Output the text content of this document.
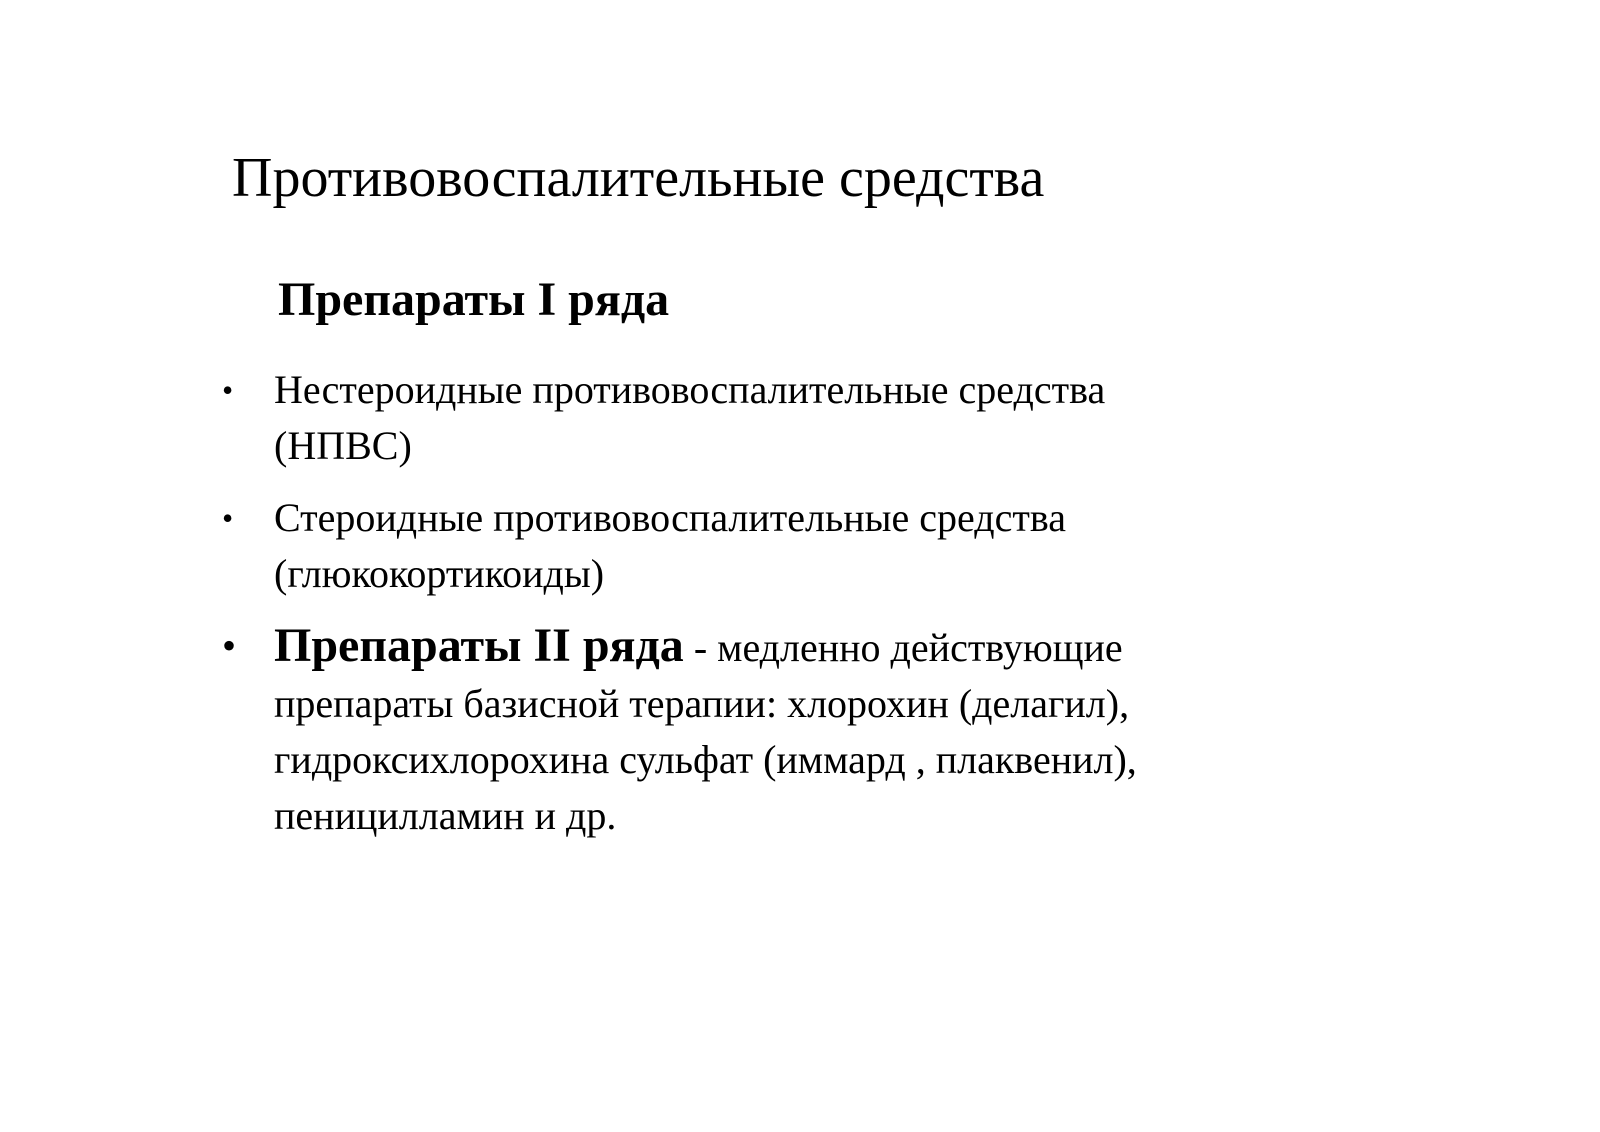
Противовоспалительные средства
Препараты I ряда
•	Нестероидные противовоспалительные средства
(НПВС)
•	Стероидные противовоспалительные средства
(глюкокортикоиды)
• Препараты II ряда - медленно действующие
препараты базисной терапии: хлорохин (делагил),
гидроксихлорохина сульфат (иммард , плаквенил),
пеницилламин и др.
